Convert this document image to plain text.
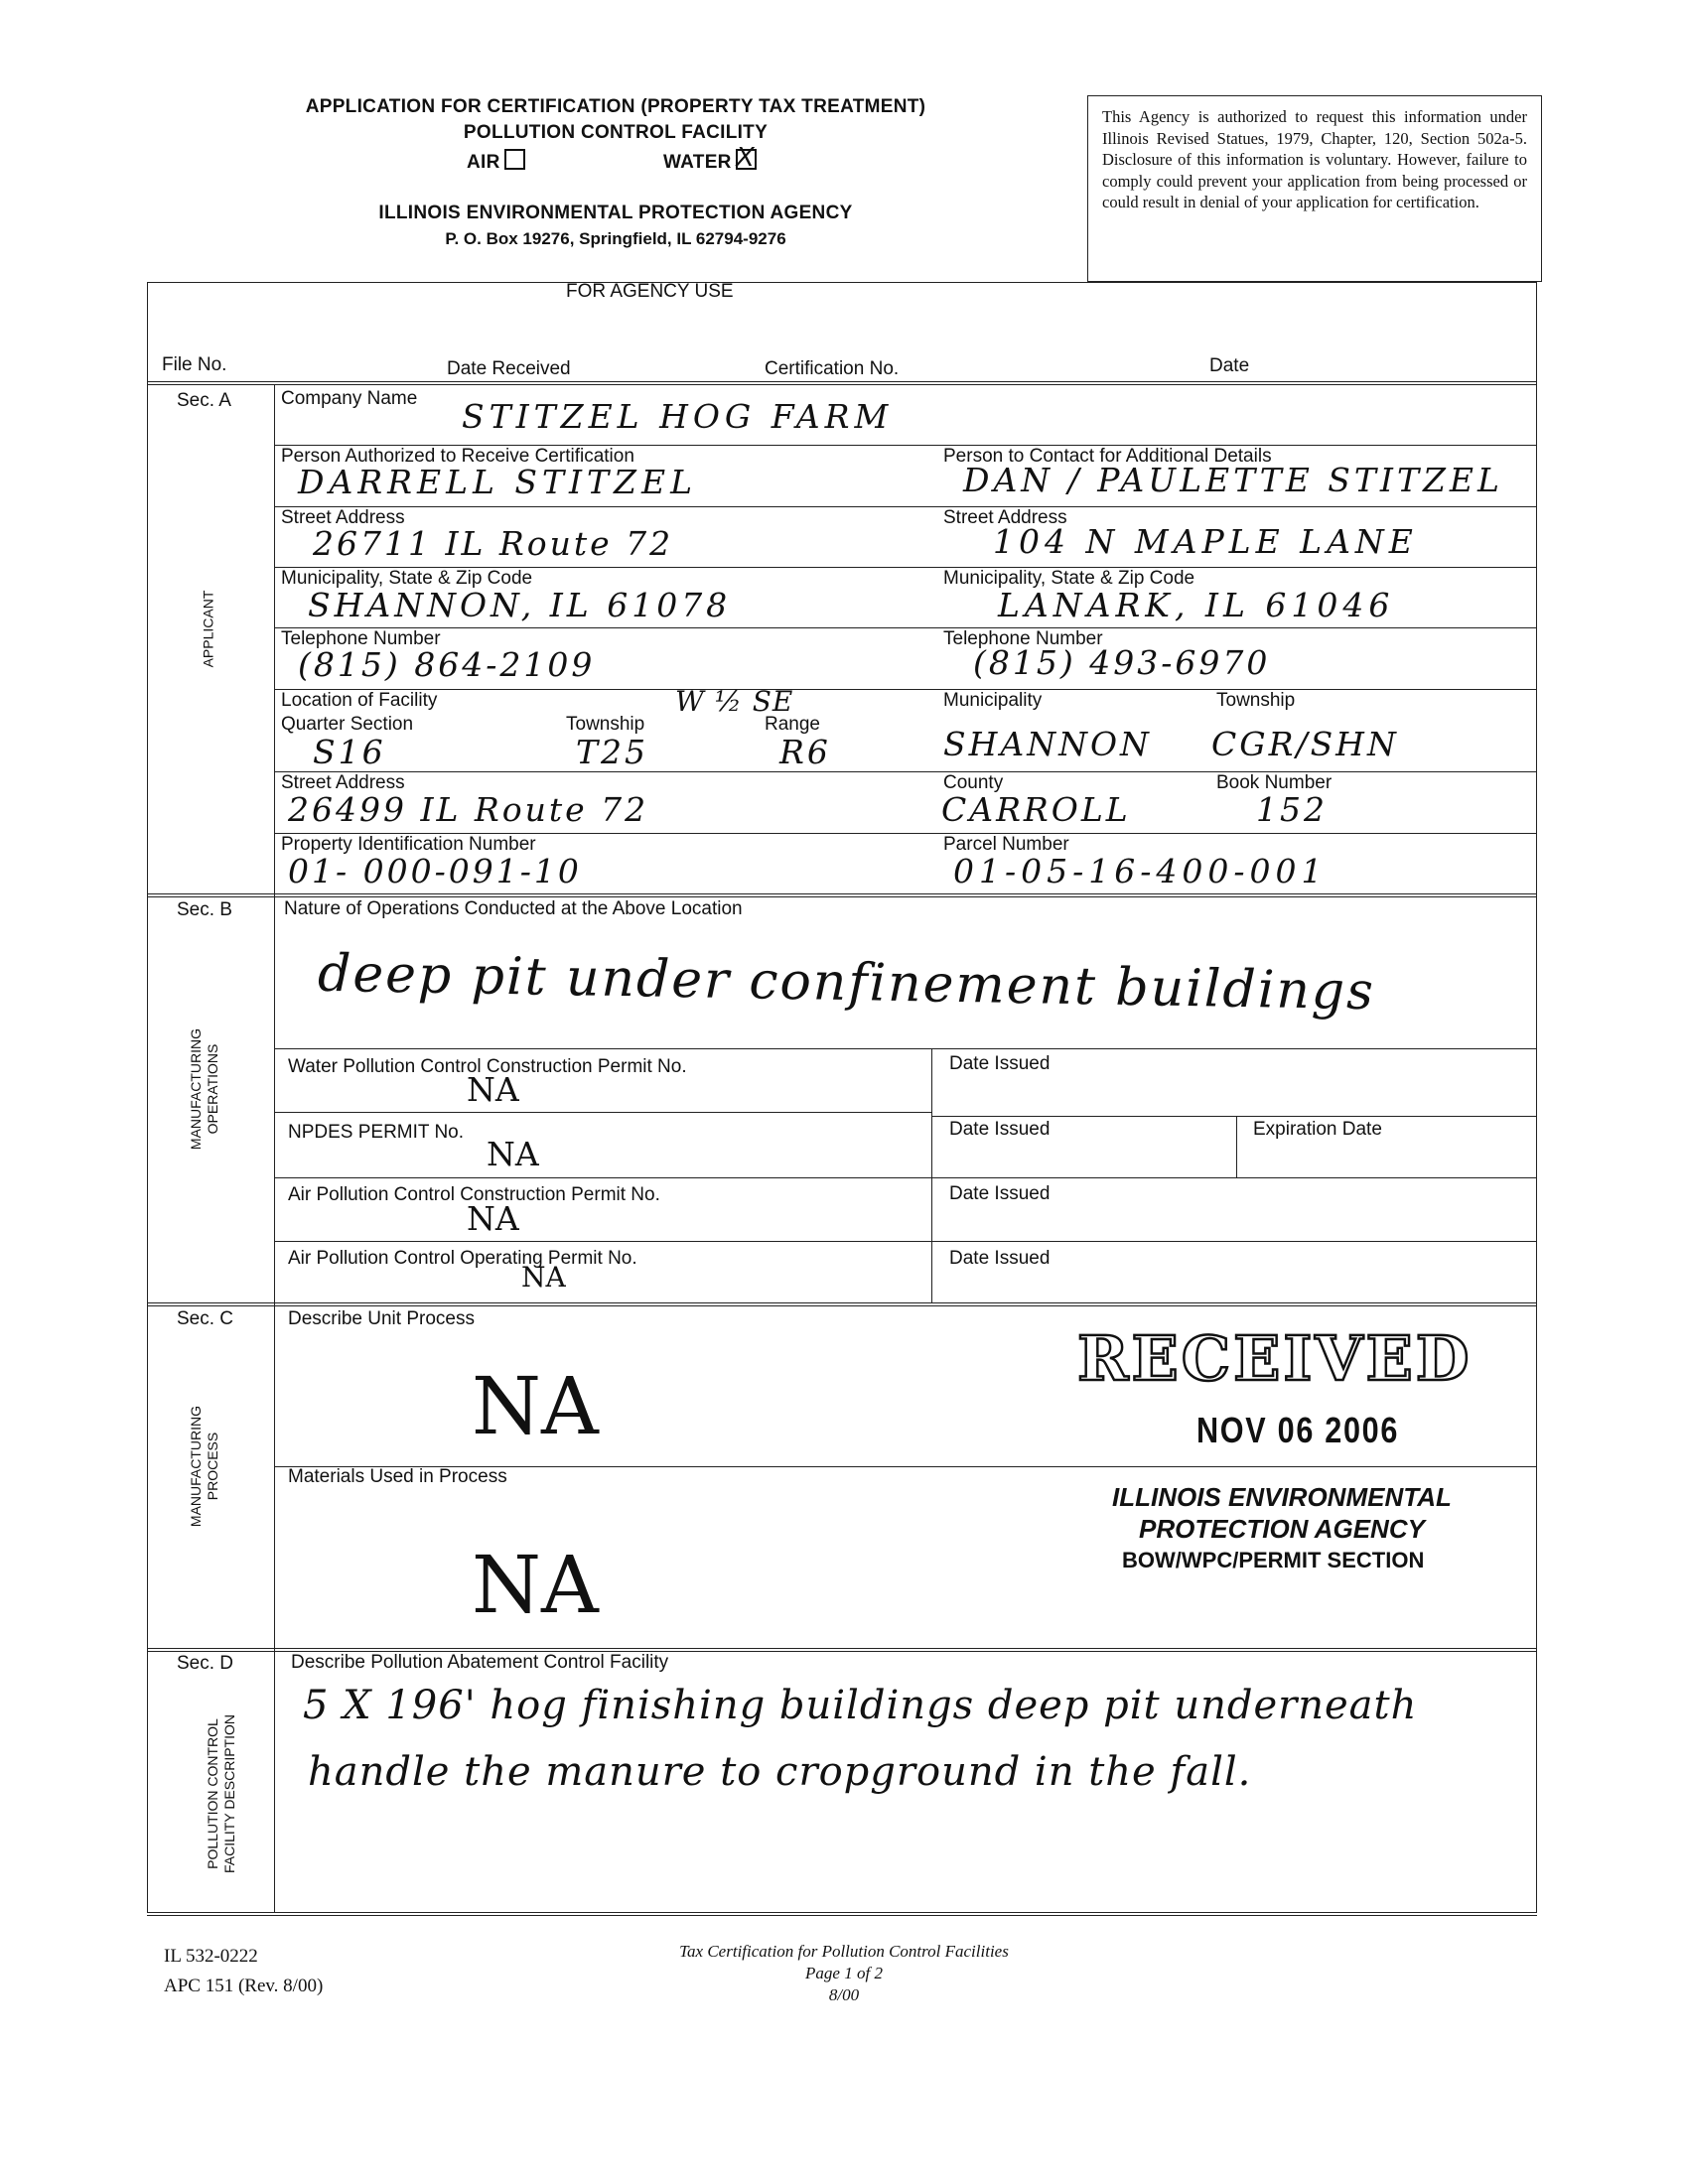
APPLICATION FOR CERTIFICATION (PROPERTY TAX TREATMENT)
POLLUTION CONTROL FACILITY
AIR	WATER X
ILLINOIS ENVIRONMENTAL PROTECTION AGENCY
P. O. Box 19276, Springfield, IL 62794-9276
This Agency is authorized to request this information under Illinois Revised Statues, 1979, Chapter, 120, Section 502a-5. Disclosure of this information is voluntary. However, failure to comply could prevent your application from being processed or could result in denial of your application for certification.
FOR AGENCY USE
File No.	Date Received	Certification No.	Date
Sec. A
APPLICANT
Company Name STITZEL HOG FARM
Person Authorized to Receive Certification	Person to Contact for Additional Details
DARRELL STITZEL	DAN / PAULETTE STITZEL
Street Address	Street Address
26711 IL Route 72	104 N MAPLE LANE
Municipality, State & Zip Code	Municipality, State & Zip Code
SHANNON, IL 61078	LANARK, IL 61046
Telephone Number	Telephone Number
(815) 864-2109	(815) 493-6970
Location of Facility
Quarter Section	Township	Range
W ½ SE
S16	T25	R6
Municipality	Township
SHANNON CGR/SHN
Street Address	County	Book Number
26499 IL Route 72	CARROLL	152
Property Identification Number	Parcel Number
01- 000-091-10	01-05-16-400-001
Sec. B
MANUFACTURING OPERATIONS
Nature of Operations Conducted at the Above Location
deep pit under confinement buildings
Water Pollution Control Construction Permit No.	Date Issued
NA
NPDES PERMIT No.	Date Issued	Expiration Date
NA
Air Pollution Control Construction Permit No.	Date Issued
NA
Air Pollution Control Operating Permit No.	Date Issued
NA
Sec. C
MANUFACTURING PROCESS
Describe Unit Process
NA
Materials Used in Process
NA
RECEIVED
NOV 06 2006
ILLINOIS ENVIRONMENTAL
PROTECTION AGENCY
BOW/WPC/PERMIT SECTION
Sec. D
POLLUTION CONTROL FACILITY DESCRIPTION
Describe Pollution Abatement Control Facility
5 X 196' hog finishing buildings deep pit underneath
handle the manure to cropground in the fall.
IL 532-0222
APC 151 (Rev. 8/00)
Tax Certification for Pollution Control Facilities
Page 1 of 2
8/00
